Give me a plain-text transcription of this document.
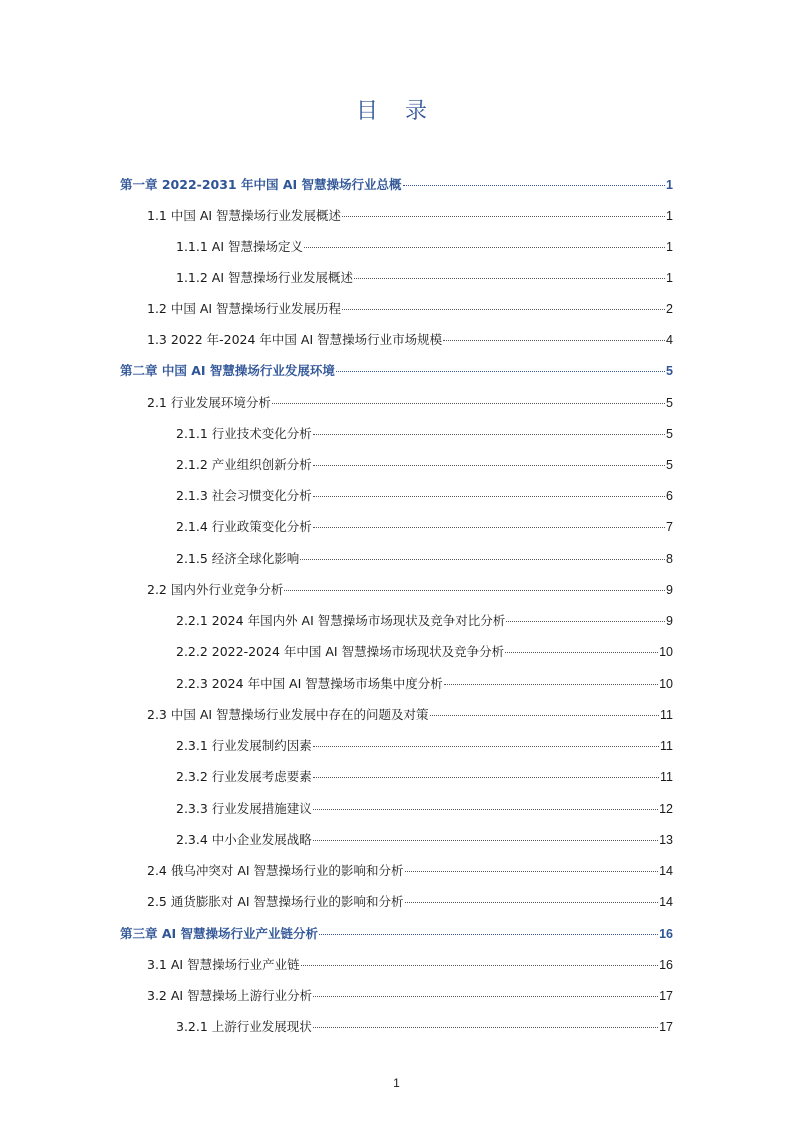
目 录
第一章 2022-2031 年中国 AI 智慧操场行业总概	1
1.1 中国 AI 智慧操场行业发展概述	1
1.1.1 AI 智慧操场定义	1
1.1.2 AI 智慧操场行业发展概述	1
1.2 中国 AI 智慧操场行业发展历程	2
1.3 2022 年-2024 年中国 AI 智慧操场行业市场规模	4
第二章 中国 AI 智慧操场行业发展环境	5
2.1 行业发展环境分析	5
2.1.1 行业技术变化分析	5
2.1.2 产业组织创新分析	5
2.1.3 社会习惯变化分析	6
2.1.4 行业政策变化分析	7
2.1.5 经济全球化影响	8
2.2 国内外行业竞争分析	9
2.2.1 2024 年国内外 AI 智慧操场市场现状及竞争对比分析	9
2.2.2 2022-2024 年中国 AI 智慧操场市场现状及竞争分析	10
2.2.3 2024 年中国 AI 智慧操场市场集中度分析	10
2.3 中国 AI 智慧操场行业发展中存在的问题及对策	11
2.3.1 行业发展制约因素	11
2.3.2 行业发展考虑要素	11
2.3.3 行业发展措施建议	12
2.3.4 中小企业发展战略	13
2.4 俄乌冲突对 AI 智慧操场行业的影响和分析	14
2.5 通货膨胀对 AI 智慧操场行业的影响和分析	14
第三章 AI 智慧操场行业产业链分析	16
3.1 AI 智慧操场行业产业链	16
3.2 AI 智慧操场上游行业分析	17
3.2.1 上游行业发展现状	17
1
